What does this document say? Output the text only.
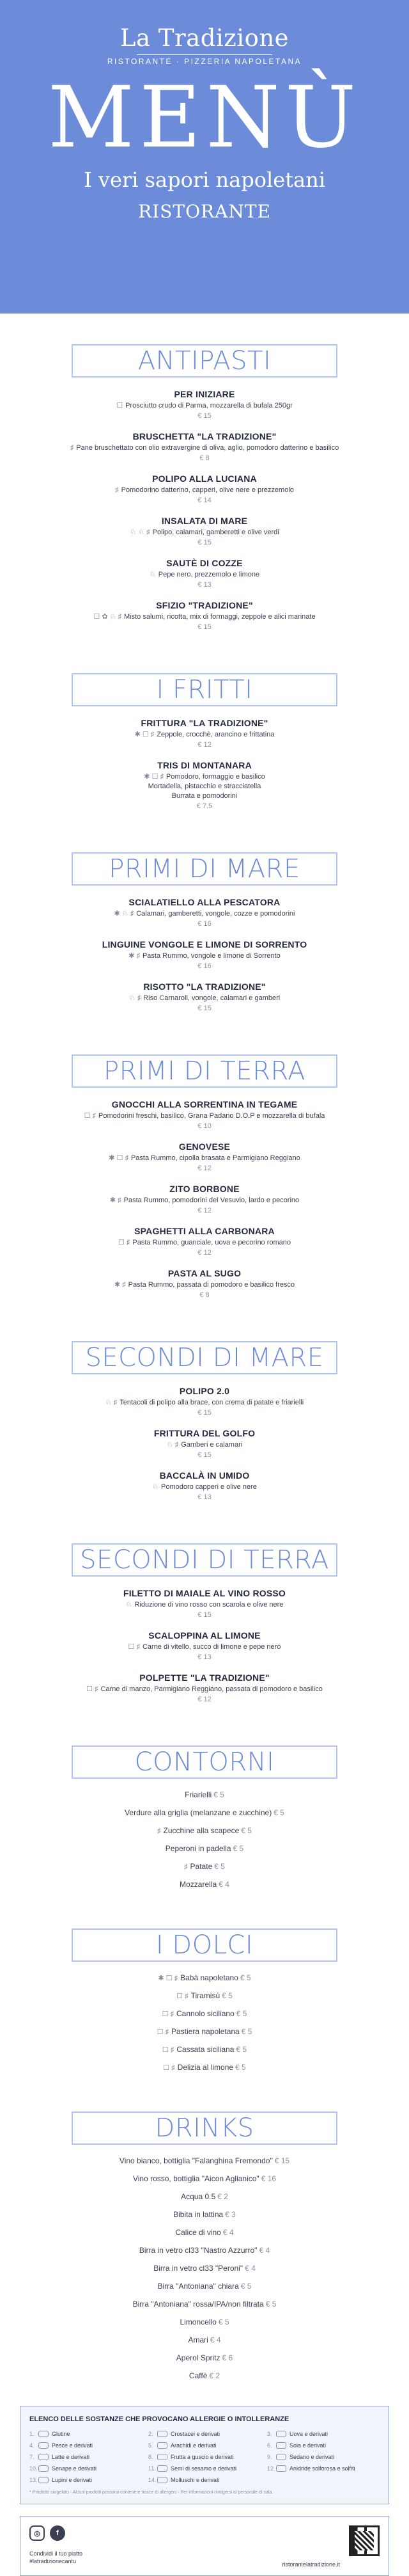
La Tradizione
RISTORANTE · PIZZERIA NAPOLETANA
MENÙ
I veri sapori napoletani
RISTORANTE
ANTIPASTI
PER INIZIARE
☐ Prosciutto crudo di Parma, mozzarella di bufala 250gr
€ 15
BRUSCHETTA "LA TRADIZIONE"
♯ Pane bruschettato con olio extravergine di oliva, aglio, pomodoro datterino e basilico
€ 8
POLIPO ALLA LUCIANA
♯ Pomodorino datterino, capperi, olive nere e prezzemolo
€ 14
INSALATA DI MARE
♘ ♘ ♯ Polipo, calamari, gamberetti e olive verdi
€ 15
SAUTÈ DI COZZE
♘ Pepe nero, prezzemolo e limone
€ 13
SFIZIO "TRADIZIONE"
☐ ✿ ♘ ♯ Misto salumi, ricotta, mix di formaggi, zeppole e alici marinate
€ 15
I FRITTI
FRITTURA "LA TRADIZIONE"
✱ ☐ ♯ Zeppole, crocchè, arancino e frittatina
€ 12
TRIS DI MONTANARA
✱ ☐ ♯ Pomodoro, formaggio e basilico
Mortadella, pistacchio e stracciatella
Burrata e pomodorini
€ 7.5
PRIMI DI MARE
SCIALATIELLO ALLA PESCATORA
✱ ♘ ♯ Calamari, gamberetti, vongole, cozze e pomodorini
€ 16
LINGUINE VONGOLE E LIMONE DI SORRENTO
✱ ♯ Pasta Rummo, vongole e limone di Sorrento
€ 16
RISOTTO "LA TRADIZIONE"
♘ ♯ Riso Carnaroli, vongole, calamari e gamberi
€ 15
PRIMI DI TERRA
GNOCCHI ALLA SORRENTINA IN TEGAME
☐ ♯ Pomodorini freschi, basilico, Grana Padano D.O.P e mozzarella di bufala
€ 10
GENOVESE
✱ ☐ ♯ Pasta Rummo, cipolla brasata e Parmigiano Reggiano
€ 12
ZITO BORBONE
✱ ♯ Pasta Rummo, pomodorini del Vesuvio, lardo e pecorino
€ 12
SPAGHETTI ALLA CARBONARA
☐ ♯ Pasta Rummo, guanciale, uova e pecorino romano
€ 12
PASTA AL SUGO
✱ ♯ Pasta Rummo, passata di pomodoro e basilico fresco
€ 8
SECONDI DI MARE
POLIPO 2.0
♘ ♯ Tentacoli di polipo alla brace, con crema di patate e friarielli
€ 15
FRITTURA DEL GOLFO
♘ ♯ Gamberi e calamari
€ 15
BACCALÀ IN UMIDO
♘ Pomodoro capperi e olive nere
€ 13
SECONDI DI TERRA
FILETTO DI MAIALE AL VINO ROSSO
♘ Riduzione di vino rosso con scarola e olive nere
€ 15
SCALOPPINA AL LIMONE
☐ ♯ Carne di vitello, succo di limone e pepe nero
€ 13
POLPETTE "LA TRADIZIONE"
☐ ♯ Carne di manzo, Parmigiano Reggiano, passata di pomodoro e basilico
€ 12
CONTORNI
Friarielli € 5
Verdure alla griglia (melanzane e zucchine) € 5
♯ Zucchine alla scapece € 5
Peperoni in padella € 5
♯ Patate € 5
Mozzarella € 4
I DOLCI
✱ ☐ ♯ Babà napoletano € 5
☐ ♯ Tiramisù € 5
☐ ♯ Cannolo siciliano € 5
☐ ♯ Pastiera napoletana € 5
☐ ♯ Cassata siciliana € 5
☐ ♯ Delizia al limone € 5
DRINKS
Vino bianco, bottiglia "Falanghina Fremondo" € 15
Vino rosso, bottiglia "Aicon Aglianico" € 16
Acqua 0.5 € 2
Bibita in lattina € 3
Calice di vino € 4
Birra in vetro cl33 "Nastro Azzurro" € 4
Birra in vetro cl33 "Peroni" € 4
Birra "Antoniana" chiara € 5
Birra "Antoniana" rossa/IPA/non filtrata € 5
Limoncello € 5
Amari € 4
Aperol Spritz € 6
Caffè € 2
ELENCO DELLE SOSTANZE CHE PROVOCANO ALLERGIE O INTOLLERANZE
1.	Glutine	2.	Crostacei e derivati	3.	Uova e derivati
4.	Pesce e derivati	5.	Arachidi e derivati	6.	Soia e derivati
7.	Latte e derivati	8.	Frutta a guscio e derivati	9.	Sedano e derivati
10. Senape e derivati	11.	Semi di sesamo e derivati	12. Anidride solforosa e solfiti
13. Lupini e derivati	14. Molluschi e derivati
* Prodotto surgelato · Alcuni prodotti possono contenere tracce di allergeni · Per informazioni rivolgersi al personale di sala.
◎	f
Condividi il tuo piatto
#latradizionecantu	ristorantelatradizione.it
